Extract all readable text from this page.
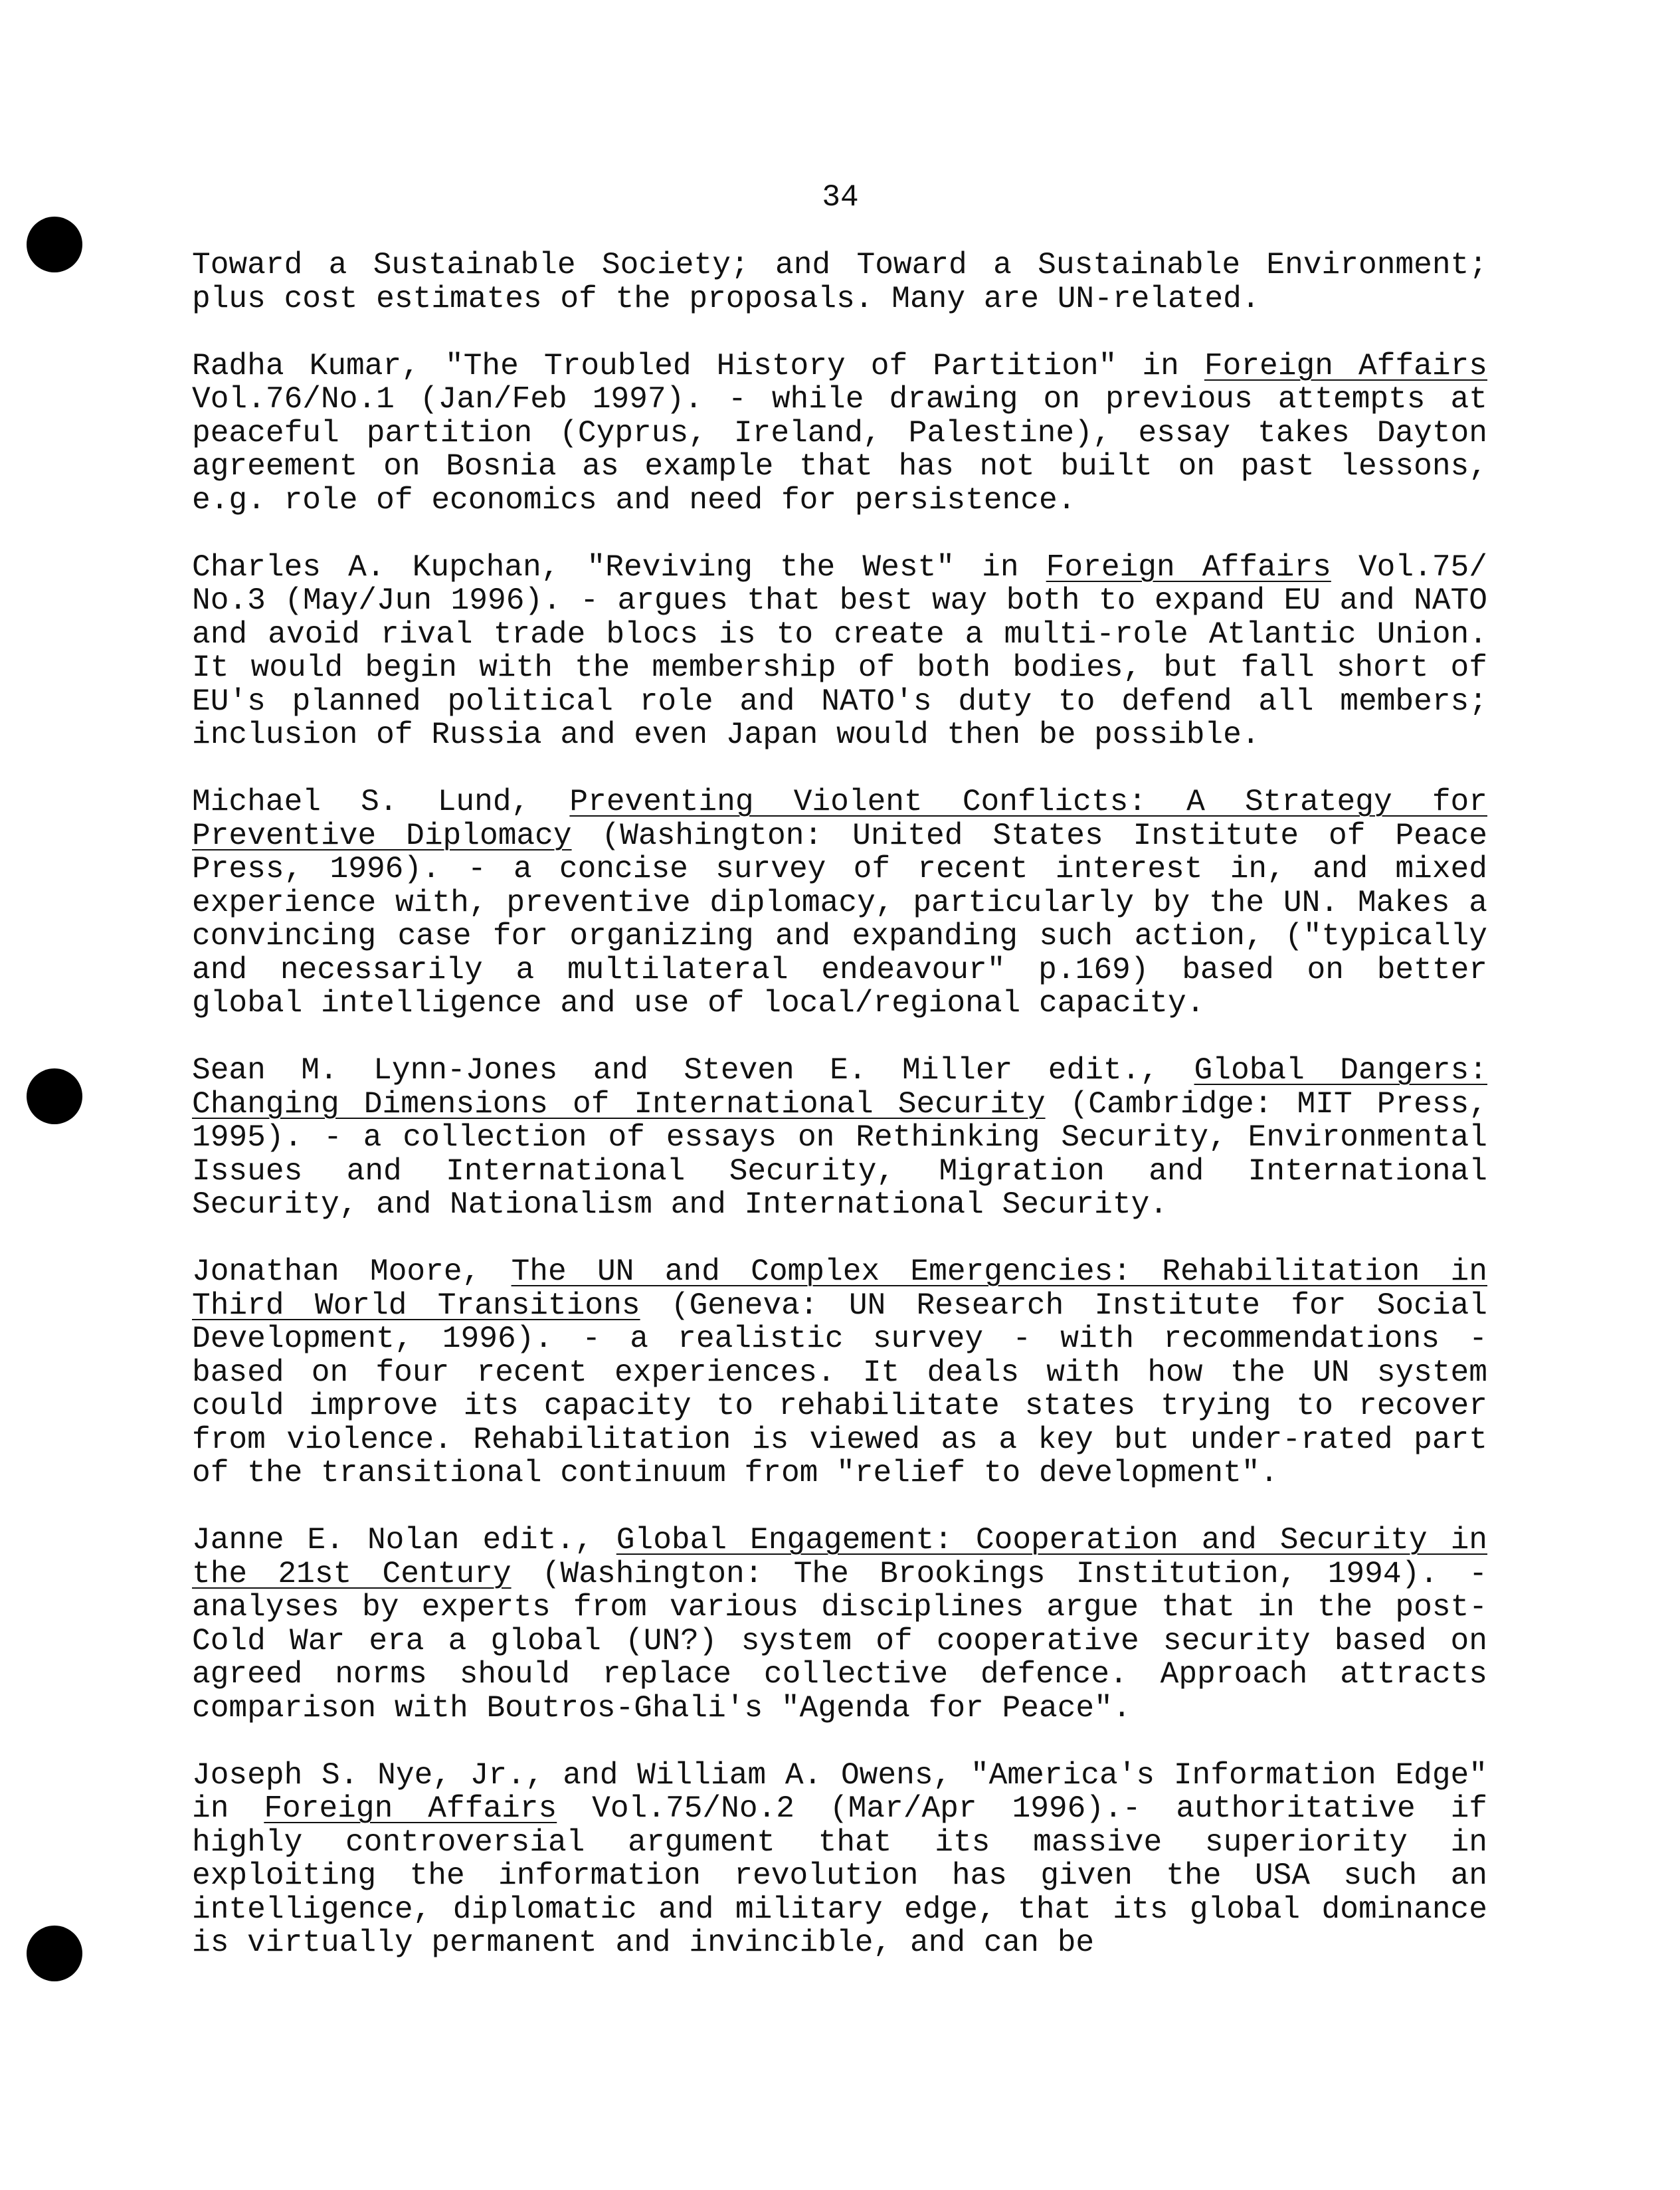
34

Toward a Sustainable Society; and Toward a Sustainable Environment; plus cost estimates of the proposals. Many are UN-related.

Radha Kumar, "The Troubled History of Partition" in Foreign Affairs Vol.76/No.1 (Jan/Feb 1997). - while drawing on previous attempts at peaceful partition (Cyprus, Ireland, Palestine), essay takes Dayton agreement on Bosnia as example that has not built on past lessons, e.g. role of economics and need for persistence.

Charles A. Kupchan, "Reviving the West" in Foreign Affairs Vol.75/ No.3 (May/Jun 1996). - argues that best way both to expand EU and NATO and avoid rival trade blocs is to create a multi-role Atlantic Union. It would begin with the membership of both bodies, but fall short of EU's planned political role and NATO's duty to defend all members; inclusion of Russia and even Japan would then be possible.

Michael S. Lund, Preventing Violent Conflicts: A Strategy for Preventive Diplomacy (Washington: United States Institute of Peace Press, 1996). - a concise survey of recent interest in, and mixed experience with, preventive diplomacy, particularly by the UN. Makes a convincing case for organizing and expanding such action, ("typically and necessarily a multilateral endeavour" p.169) based on better global intelligence and use of local/regional capacity.

Sean M. Lynn-Jones and Steven E. Miller edit., Global Dangers: Changing Dimensions of International Security (Cambridge: MIT Press, 1995). - a collection of essays on Rethinking Security, Environmental Issues and International Security, Migration and International Security, and Nationalism and International Security.

Jonathan Moore, The UN and Complex Emergencies: Rehabilitation in Third World Transitions (Geneva: UN Research Institute for Social Development, 1996). - a realistic survey - with recommendations - based on four recent experiences. It deals with how the UN system could improve its capacity to rehabilitate states trying to recover from violence. Rehabilitation is viewed as a key but under-rated part of the transitional continuum from "relief to development".

Janne E. Nolan edit., Global Engagement: Cooperation and Security in the 21st Century (Washington: The Brookings Institution, 1994). - analyses by experts from various disciplines argue that in the post-Cold War era a global (UN?) system of cooperative security based on agreed norms should replace collective defence. Approach attracts comparison with Boutros-Ghali's "Agenda for Peace".

Joseph S. Nye, Jr., and William A. Owens, "America's Information Edge" in Foreign Affairs Vol.75/No.2 (Mar/Apr 1996).- authoritative if highly controversial argument that its massive superiority in exploiting the information revolution has given the USA such an intelligence, diplomatic and military edge, that its global dominance is virtually permanent and invincible, and can be
